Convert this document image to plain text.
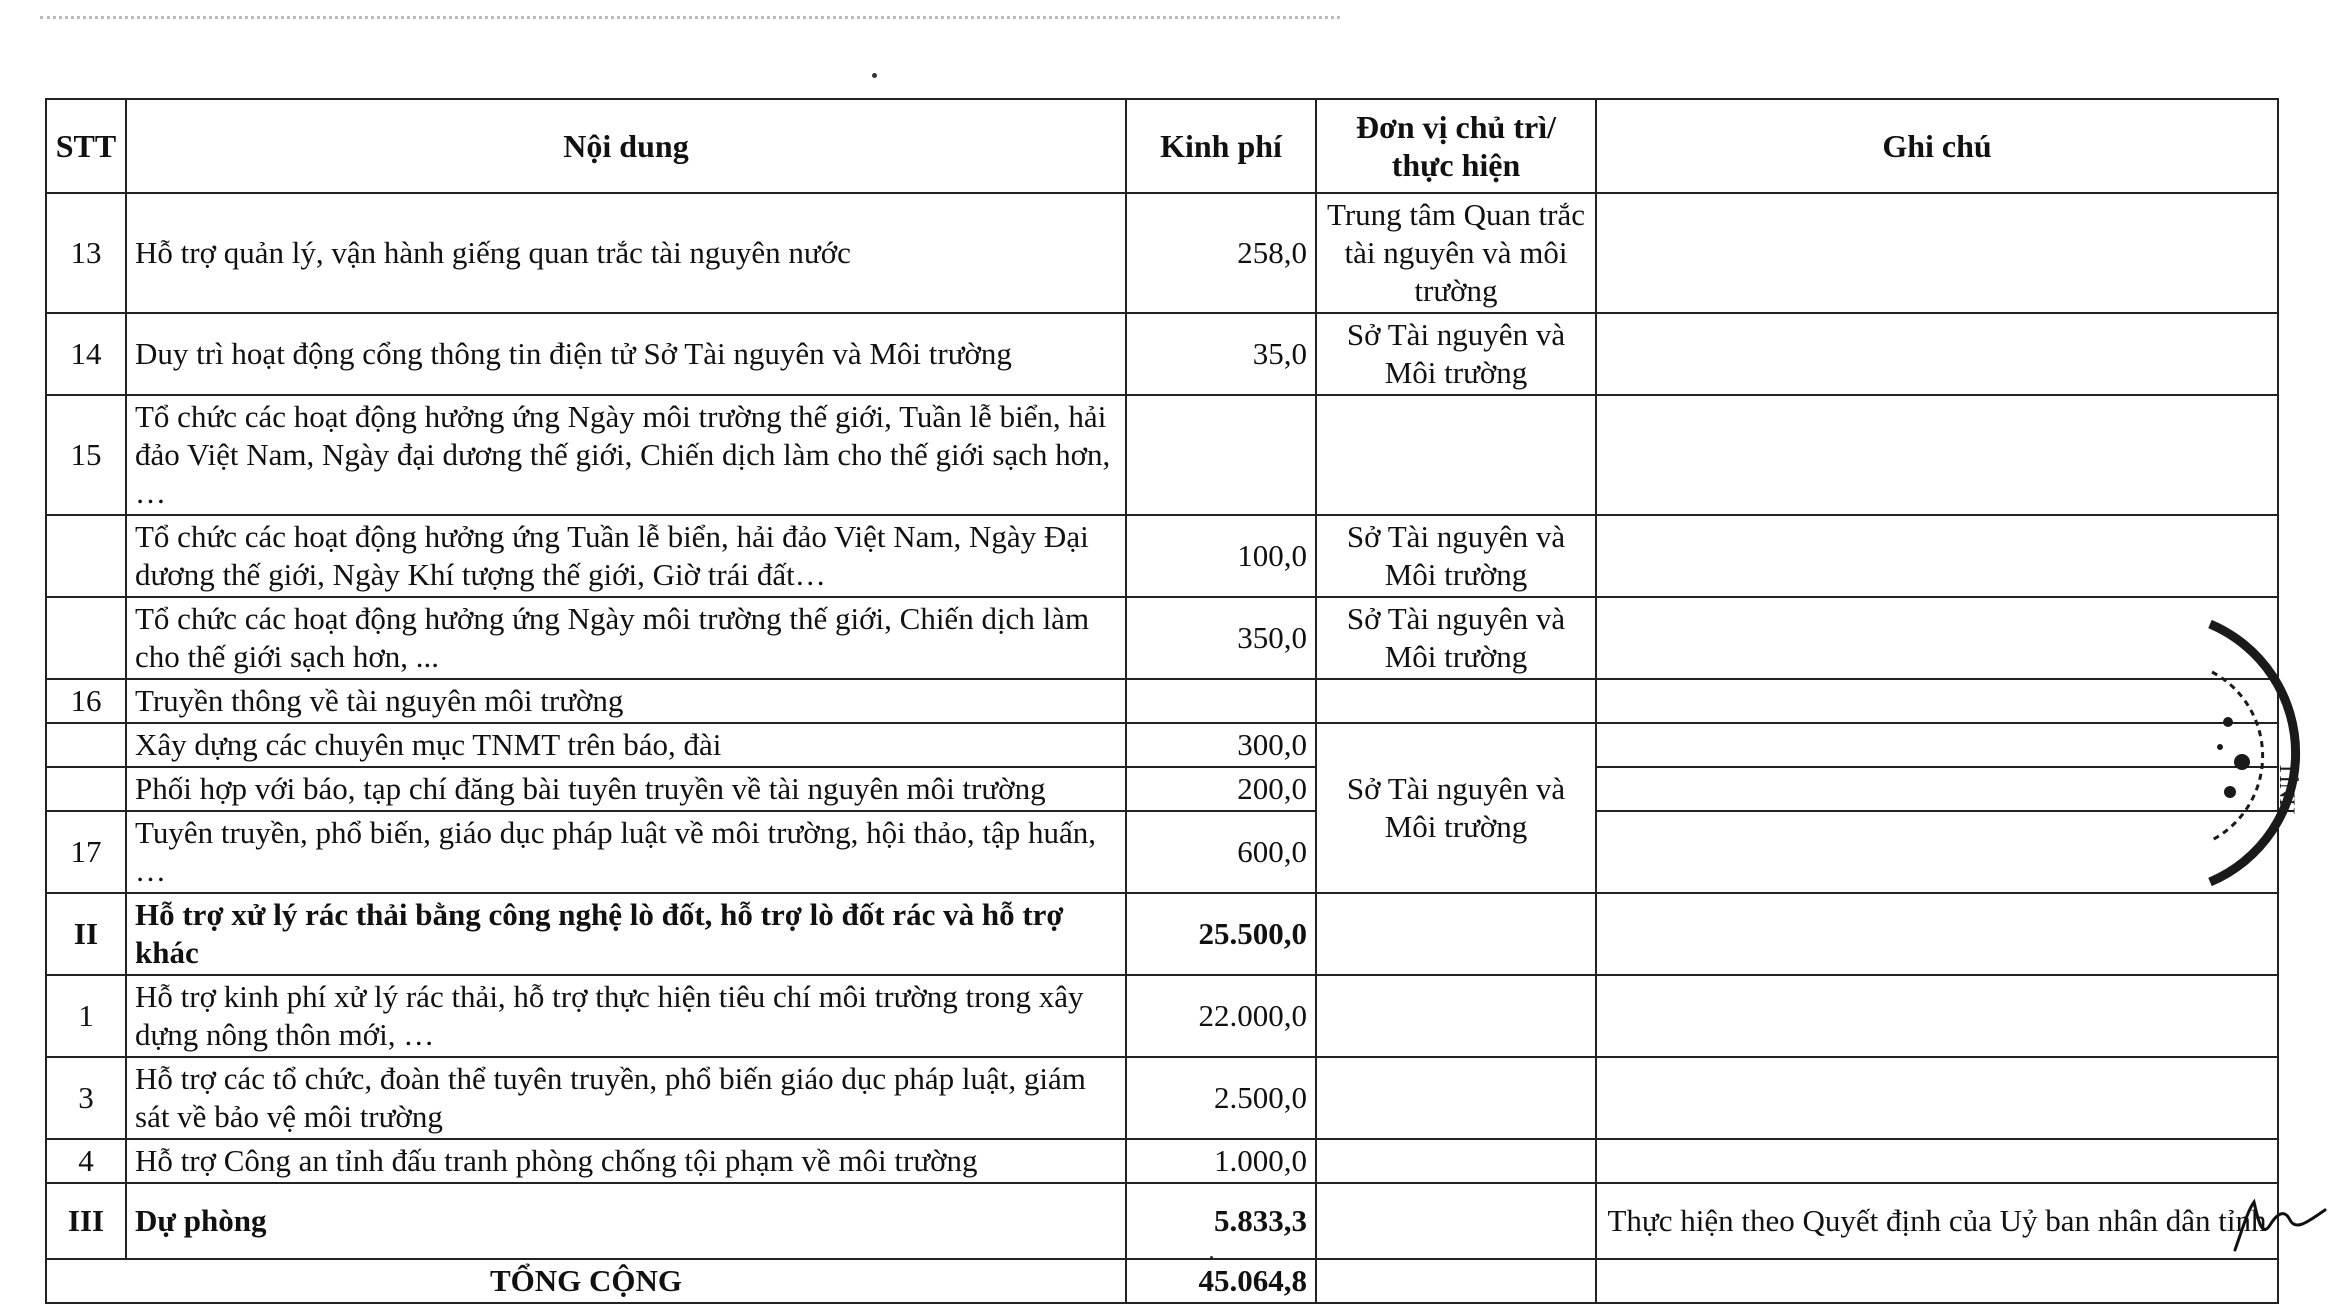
STT	Nội dung	Kinh phí	Đơn vị chủ trì/ thực hiện	Ghi chú
13	Hỗ trợ quản lý, vận hành giếng quan trắc tài nguyên nước	258,0	Trung tâm Quan trắc tài nguyên và môi trường	
14	Duy trì hoạt động cổng thông tin điện tử Sở Tài nguyên và Môi trường	35,0	Sở Tài nguyên và Môi trường	
15	Tổ chức các hoạt động hưởng ứng Ngày môi trường thế giới, Tuần lễ biển, hải đảo Việt Nam, Ngày đại dương thế giới, Chiến dịch làm cho thế giới sạch hơn, …			
	Tổ chức các hoạt động hưởng ứng Tuần lễ biển, hải đảo Việt Nam, Ngày Đại dương thế giới, Ngày Khí tượng thế giới, Giờ trái đất…	100,0	Sở Tài nguyên và Môi trường	
	Tổ chức các hoạt động hưởng ứng Ngày môi trường thế giới, Chiến dịch làm cho thế giới sạch hơn, ...	350,0	Sở Tài nguyên và Môi trường	
16	Truyền thông về tài nguyên môi trường			
	Xây dựng các chuyên mục TNMT trên báo, đài	300,0	Sở Tài nguyên và Môi trường	
	Phối hợp với báo, tạp chí đăng bài tuyên truyền về tài nguyên môi trường	200,0		
17	Tuyên truyền, phổ biến, giáo dục pháp luật về môi trường, hội thảo, tập huấn, …	600,0		
II	Hỗ trợ xử lý rác thải bằng công nghệ lò đốt, hỗ trợ lò đốt rác và hỗ trợ khác	25.500,0		
1	Hỗ trợ kinh phí xử lý rác thải, hỗ trợ thực hiện tiêu chí môi trường trong xây dựng nông thôn mới, …	22.000,0		
3	Hỗ trợ các tổ chức, đoàn thể tuyên truyền, phổ biến giáo dục pháp luật, giám sát về bảo vệ môi trường	2.500,0		
4	Hỗ trợ Công an tỉnh đấu tranh phòng chống tội phạm về môi trường	1.000,0		
III	Dự phòng	5.833,3		Thực hiện theo Quyết định của Uỷ ban nhân dân tỉnh
TỔNG CỘNG		45.064,8		
TỈNH
